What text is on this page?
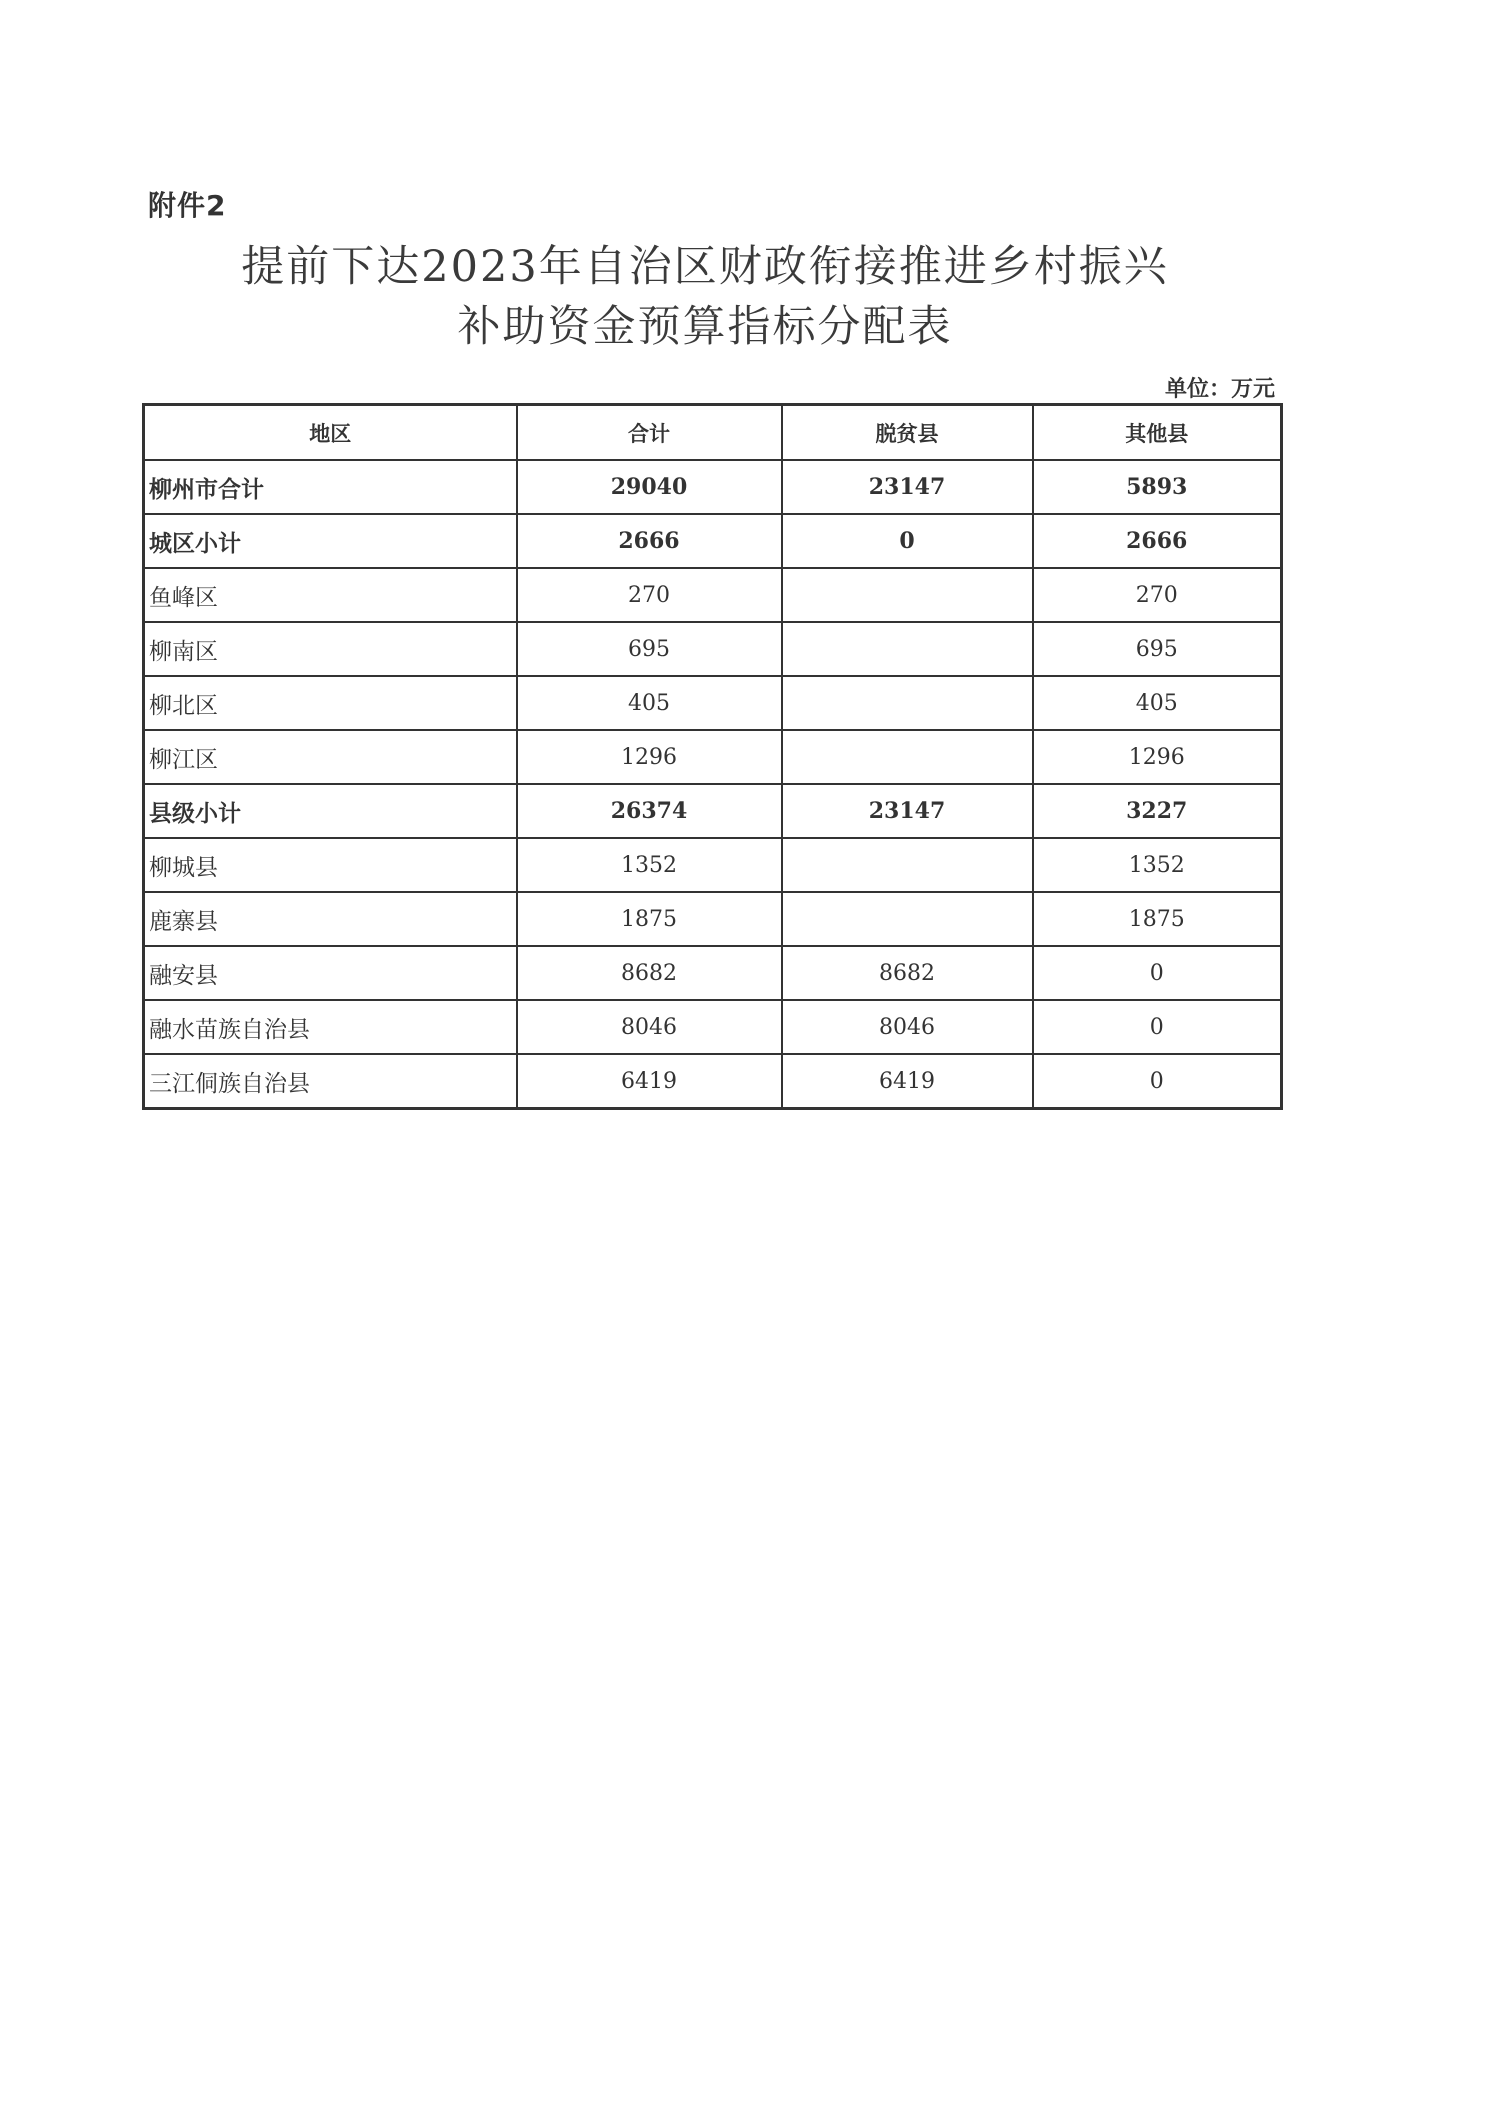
附件2
提前下达2023年自治区财政衔接推进乡村振兴
补助资金预算指标分配表
单位：万元
地区	合计	脱贫县	其他县
柳州市合计	29040	23147	5893
城区小计	2666	0	2666
鱼峰区	270		270
柳南区	695		695
柳北区	405		405
柳江区	1296		1296
县级小计	26374	23147	3227
柳城县	1352		1352
鹿寨县	1875		1875
融安县	8682	8682	0
融水苗族自治县	8046	8046	0
三江侗族自治县	6419	6419	0
